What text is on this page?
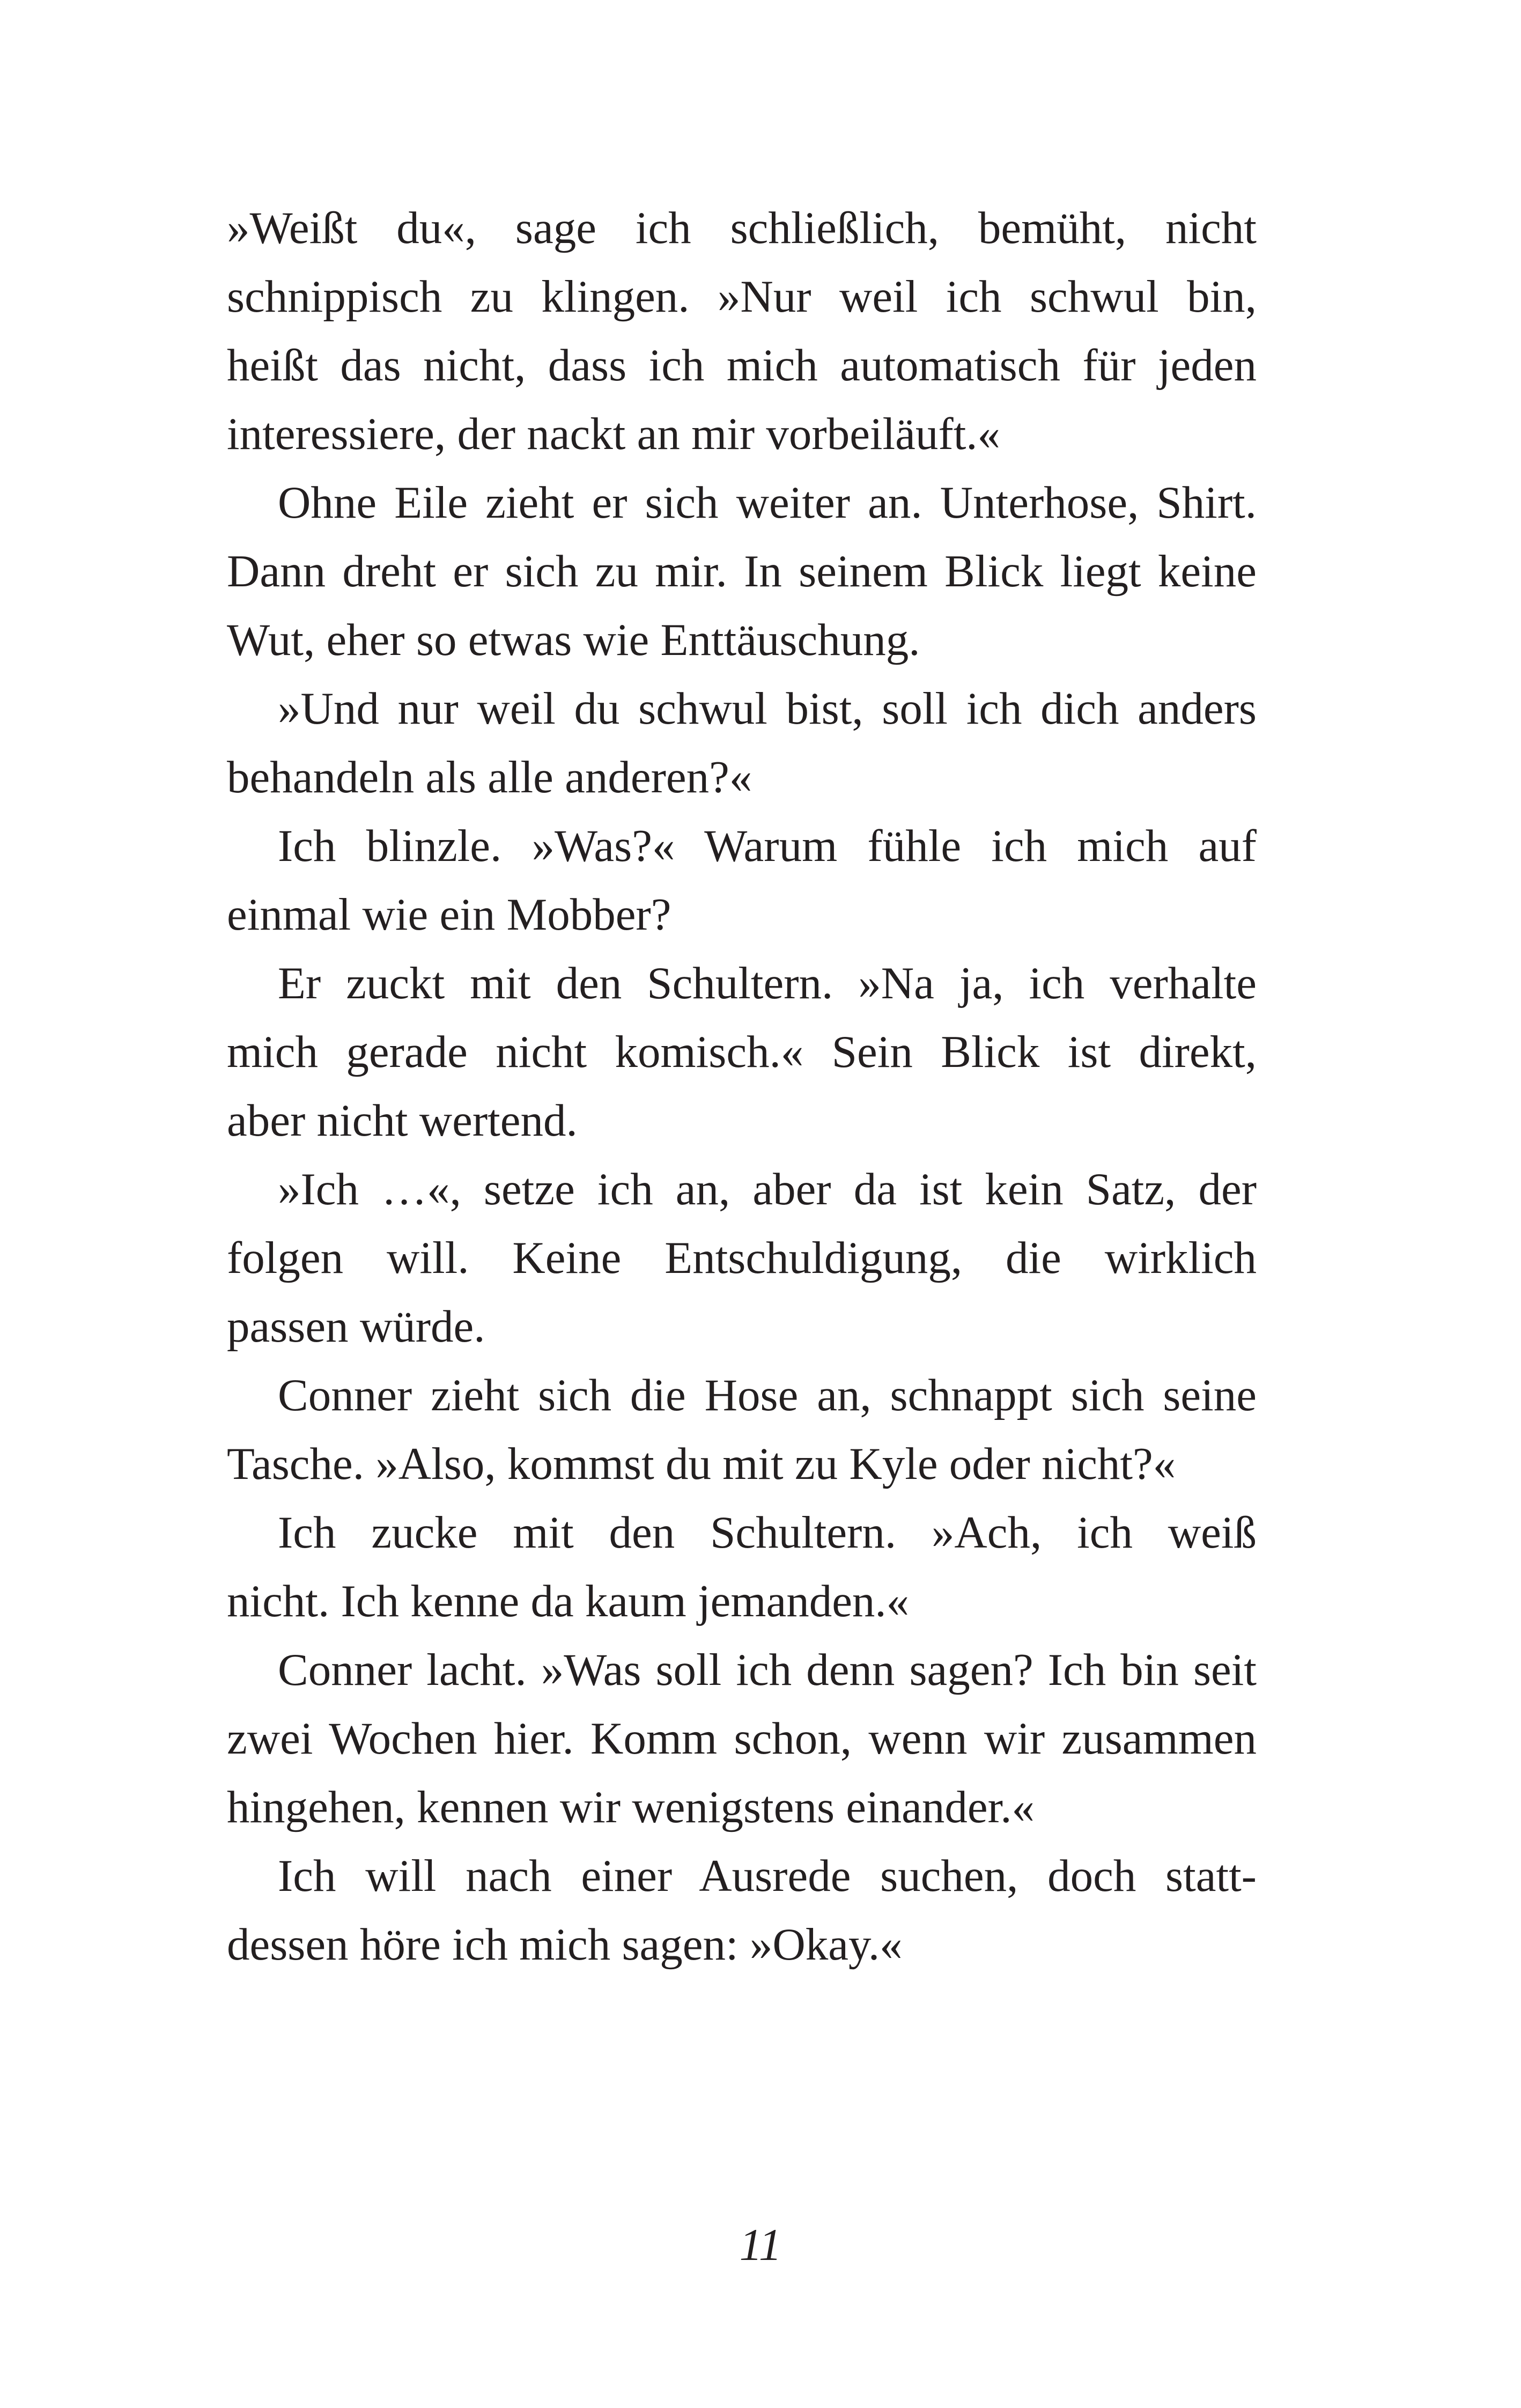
»Weißt du«, sage ich schließlich, bemüht, nicht
schnippisch zu klingen. »Nur weil ich schwul bin,
heißt das nicht, dass ich mich automatisch für jeden
interessiere, der nackt an mir vorbeiläuft.«
Ohne Eile zieht er sich weiter an. Unterhose, Shirt.
Dann dreht er sich zu mir. In seinem Blick liegt keine
Wut, eher so etwas wie Enttäuschung.
»Und nur weil du schwul bist, soll ich dich anders
behandeln als alle anderen?«
Ich blinzle. »Was?« Warum fühle ich mich auf
einmal wie ein Mobber?
Er zuckt mit den Schultern. »Na ja, ich verhalte
mich gerade nicht komisch.« Sein Blick ist direkt,
aber nicht wertend.
»Ich …«, setze ich an, aber da ist kein Satz, der
folgen will. Keine Entschuldigung, die wirklich
passen würde.
Conner zieht sich die Hose an, schnappt sich seine
Tasche. »Also, kommst du mit zu Kyle oder nicht?«
Ich zucke mit den Schultern. »Ach, ich weiß
nicht. Ich kenne da kaum jemanden.«
Conner lacht. »Was soll ich denn sagen? Ich bin seit
zwei Wochen hier. Komm schon, wenn wir zusammen
hingehen, kennen wir wenigstens einander.«
Ich will nach einer Ausrede suchen, doch statt-
dessen höre ich mich sagen: »Okay.«
11
